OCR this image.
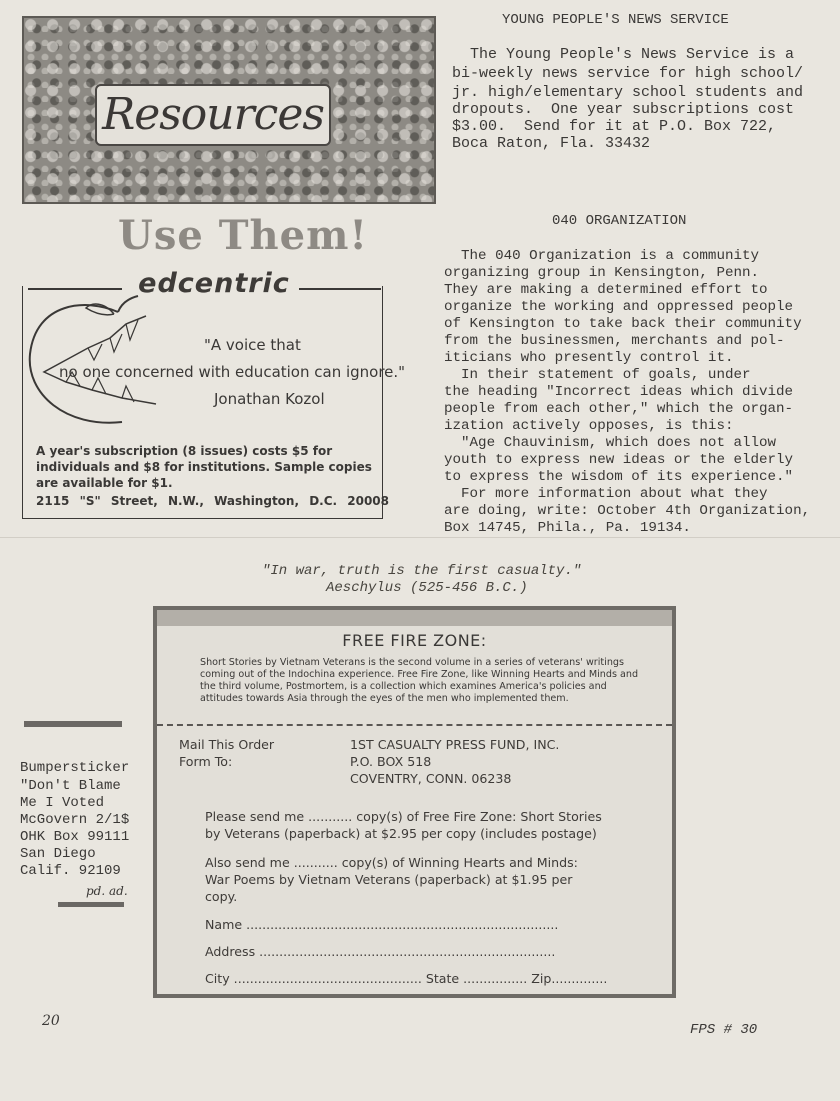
Resources
Use Them!
edcentric
"A voice that
no one concerned with education can ignore."
Jonathan Kozol
A year's subscription (8 issues) costs $5 for individuals and $8 for institutions. Sample copies are available for $1.
2115 "S" Street, N.W., Washington, D.C. 20008
YOUNG PEOPLE'S NEWS SERVICE
The Young People's News Service is a
bi-weekly news service for high school/
jr. high/elementary school students and
dropouts.  One year subscriptions cost
$3.00.  Send for it at P.O. Box 722,
Boca Raton, Fla. 33432
040 ORGANIZATION
The 040 Organization is a community
organizing group in Kensington, Penn.
They are making a determined effort to
organize the working and oppressed people
of Kensington to take back their community
from the businessmen, merchants and pol-
iticians who presently control it.
In their statement of goals, under
the heading "Incorrect ideas which divide
people from each other," which the organ-
ization actively opposes, is this:
"Age Chauvinism, which does not allow
youth to express new ideas or the elderly
to express the wisdom of its experience."
For more information about what they
are doing, write: October 4th Organization,
Box 14745, Phila., Pa. 19134.
"In war, truth is the first casualty."
Aeschylus (525-456 B.C.)
FREE FIRE ZONE:
Short Stories by Vietnam Veterans is the second volume in a series of veterans' writings coming out of the Indochina experience. Free Fire Zone, like Winning Hearts and Minds and the third volume, Postmortem, is a collection which examines America's policies and attitudes towards Asia through the eyes of the men who implemented them.
Mail This Order
Form To:
1ST CASUALTY PRESS FUND, INC.
P.O. BOX 518
COVENTRY, CONN. 06238
Please send me ........... copy(s) of Free Fire Zone: Short Stories
by Veterans (paperback) at $2.95 per copy (includes postage)
Also send me ........... copy(s) of Winning Hearts and Minds:
War Poems by Vietnam Veterans (paperback) at $1.95 per
copy.
Name ..............................................................................
Address ..........................................................................
City ............................................... State ................ Zip..............
Bumpersticker
"Don't Blame
Me I Voted
McGovern 2/1$
OHK Box 99111
San Diego
Calif. 92109
pd. ad.
20
FPS # 30
